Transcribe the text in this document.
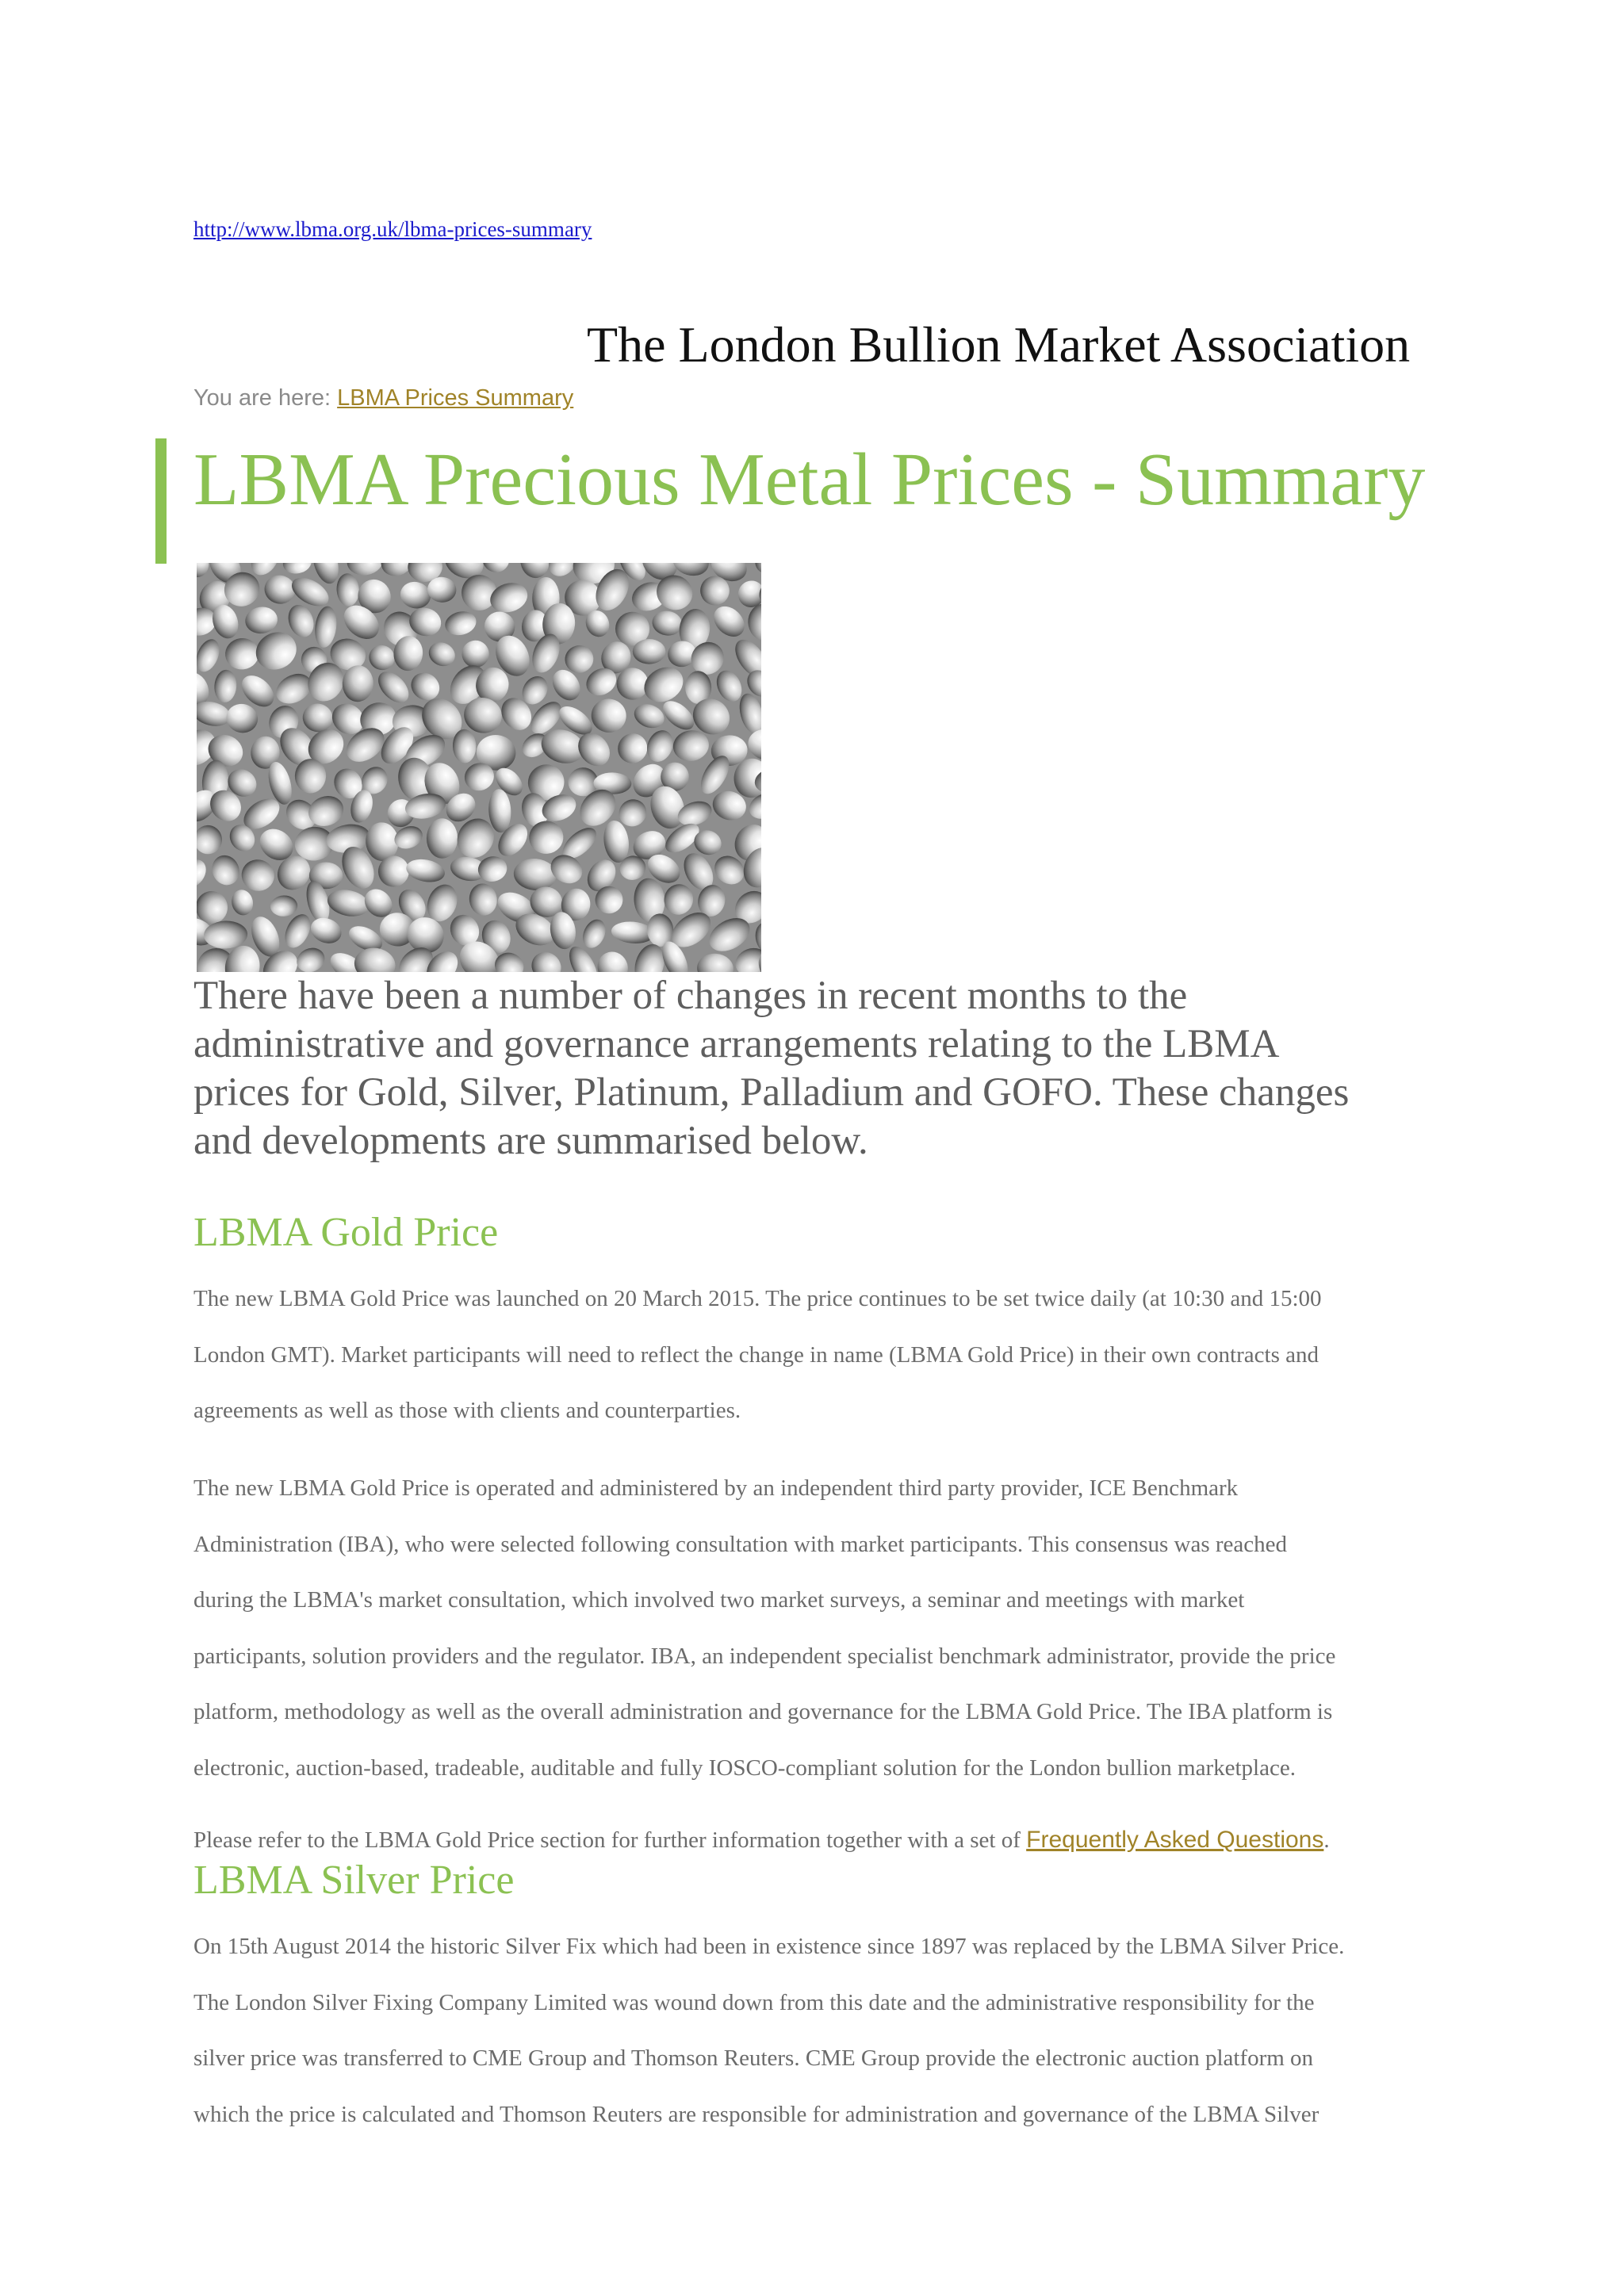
http://www.lbma.org.uk/lbma-prices-summary
The London Bullion Market Association
You are here: LBMA Prices Summary
LBMA Precious Metal Prices - Summary
There have been a number of changes in recent months to the
administrative and governance arrangements relating to the LBMA
prices for Gold, Silver, Platinum, Palladium and GOFO. These changes
and developments are summarised below.
LBMA Gold Price
The new LBMA Gold Price was launched on 20 March 2015. The price continues to be set twice daily (at 10:30 and 15:00
London GMT). Market participants will need to reflect the change in name (LBMA Gold Price) in their own contracts and
agreements as well as those with clients and counterparties.
The new LBMA Gold Price is operated and administered by an independent third party provider, ICE Benchmark
Administration (IBA), who were selected following consultation with market participants. This consensus was reached
during the LBMA's market consultation, which involved two market surveys, a seminar and meetings with market
participants, solution providers and the regulator. IBA, an independent specialist benchmark administrator, provide the price
platform, methodology as well as the overall administration and governance for the LBMA Gold Price. The IBA platform is
electronic, auction-based, tradeable, auditable and fully IOSCO-compliant solution for the London bullion marketplace.
Please refer to the LBMA Gold Price section for further information together with a set of Frequently Asked Questions.
LBMA Silver Price
On 15th August 2014 the historic Silver Fix which had been in existence since 1897 was replaced by the LBMA Silver Price.
The London Silver Fixing Company Limited was wound down from this date and the administrative responsibility for the
silver price was transferred to CME Group and Thomson Reuters. CME Group provide the electronic auction platform on
which the price is calculated and Thomson Reuters are responsible for administration and governance of the LBMA Silver
